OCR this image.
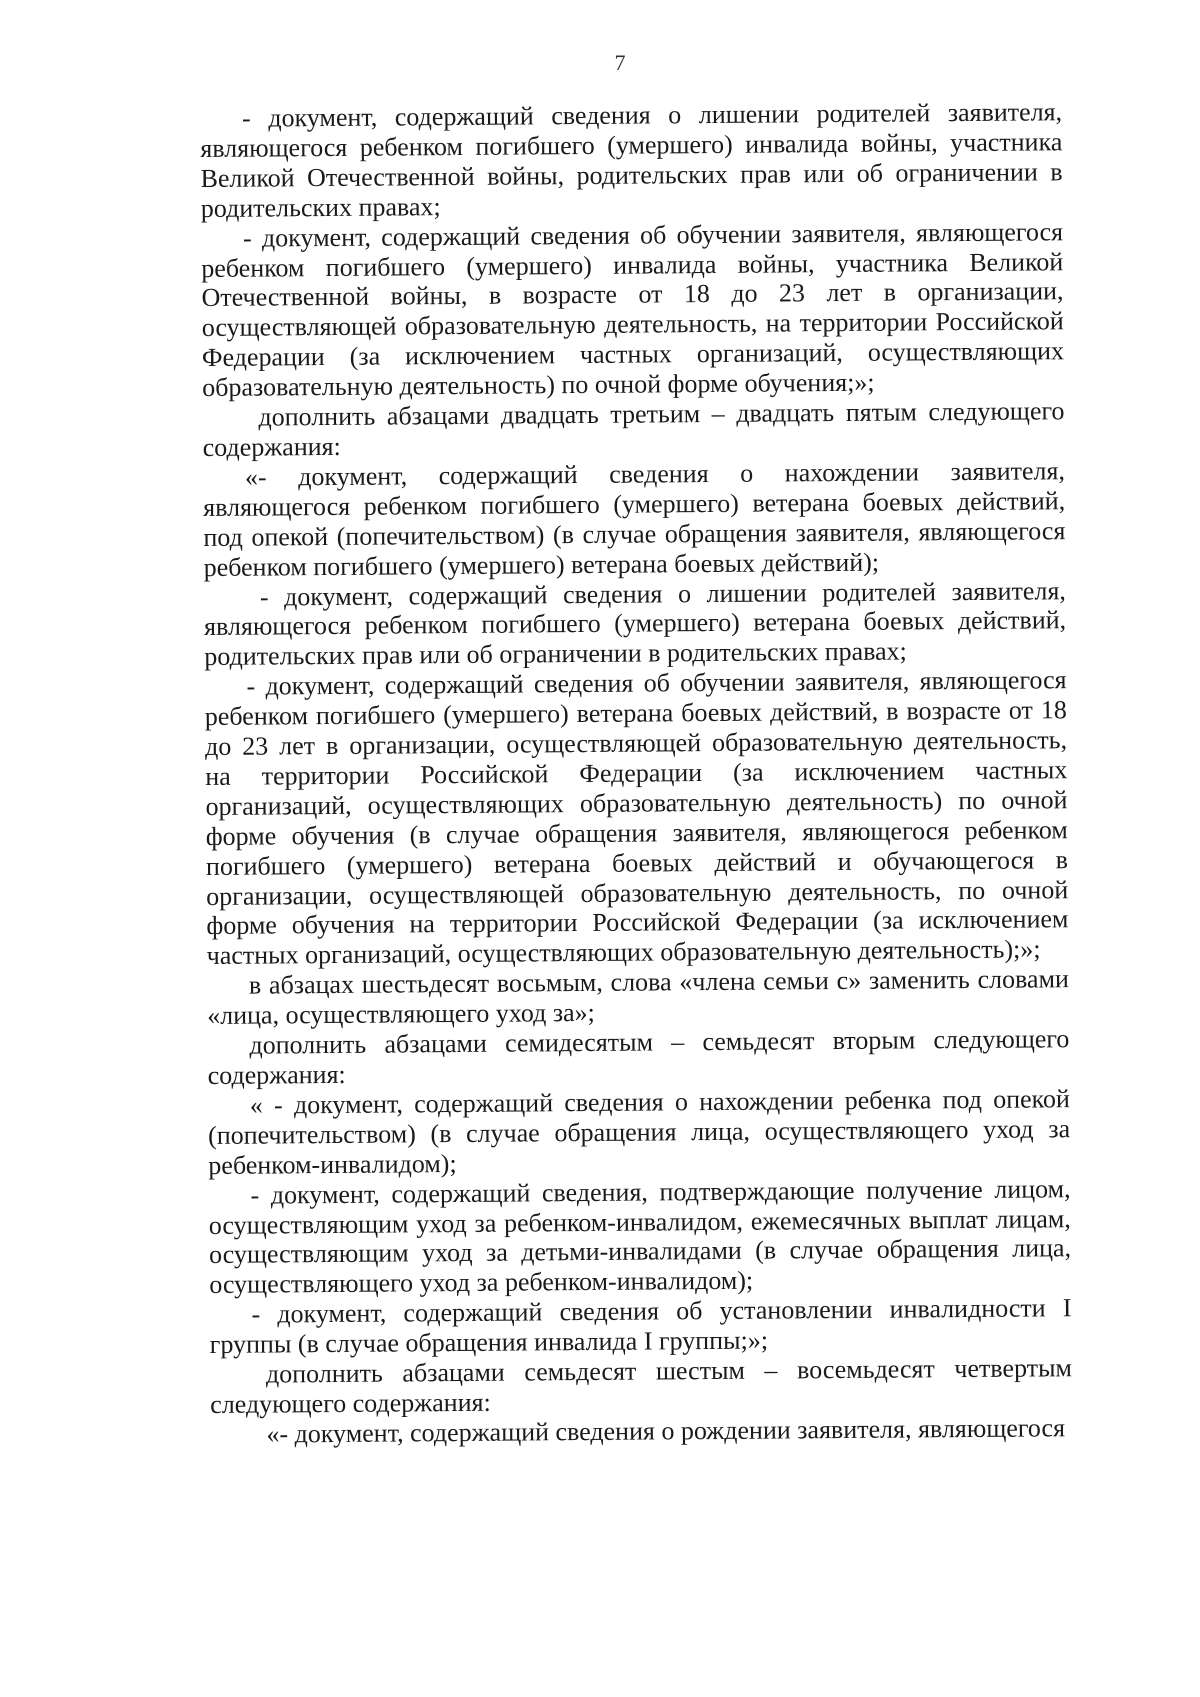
7

- документ, содержащий сведения о лишении родителей заявителя, являющегося ребенком погибшего (умершего) инвалида войны, участника Великой Отечественной войны, родительских прав или об ограничении в родительских правах;

- документ, содержащий сведения об обучении заявителя, являющегося ребенком погибшего (умершего) инвалида войны, участника Великой Отечественной войны, в возрасте от 18 до 23 лет в организации, осуществляющей образовательную деятельность, на территории Российской Федерации (за исключением частных организаций, осуществляющих образовательную деятельность) по очной форме обучения;»;

дополнить абзацами двадцать третьим – двадцать пятым следующего содержания:

«- документ, содержащий сведения о нахождении заявителя, являющегося ребенком погибшего (умершего) ветерана боевых действий, под опекой (попечительством) (в случае обращения заявителя, являющегося ребенком погибшего (умершего) ветерана боевых действий);

- документ, содержащий сведения о лишении родителей заявителя, являющегося ребенком погибшего (умершего) ветерана боевых действий, родительских прав или об ограничении в родительских правах;

- документ, содержащий сведения об обучении заявителя, являющегося ребенком погибшего (умершего) ветерана боевых действий, в возрасте от 18 до 23 лет в организации, осуществляющей образовательную деятельность, на территории Российской Федерации (за исключением частных организаций, осуществляющих образовательную деятельность) по очной форме обучения (в случае обращения заявителя, являющегося ребенком погибшего (умершего) ветерана боевых действий и обучающегося в организации, осуществляющей образовательную деятельность, по очной форме обучения на территории Российской Федерации (за исключением частных организаций, осуществляющих образовательную деятельность);»;

в абзацах шестьдесят восьмым, слова «члена семьи с» заменить словами «лица, осуществляющего уход за»;

дополнить абзацами семидесятым – семьдесят вторым следующего содержания:

« - документ, содержащий сведения о нахождении ребенка под опекой (попечительством) (в случае обращения лица, осуществляющего уход за ребенком-инвалидом);

- документ, содержащий сведения, подтверждающие получение лицом, осуществляющим уход за ребенком-инвалидом, ежемесячных выплат лицам, осуществляющим уход за детьми-инвалидами (в случае обращения лица, осуществляющего уход за ребенком-инвалидом);

- документ, содержащий сведения об установлении инвалидности I группы (в случае обращения инвалида I группы;»;

дополнить абзацами семьдесят шестым – восемьдесят четвертым следующего содержания:

«- документ, содержащий сведения о рождении заявителя, являющегося
